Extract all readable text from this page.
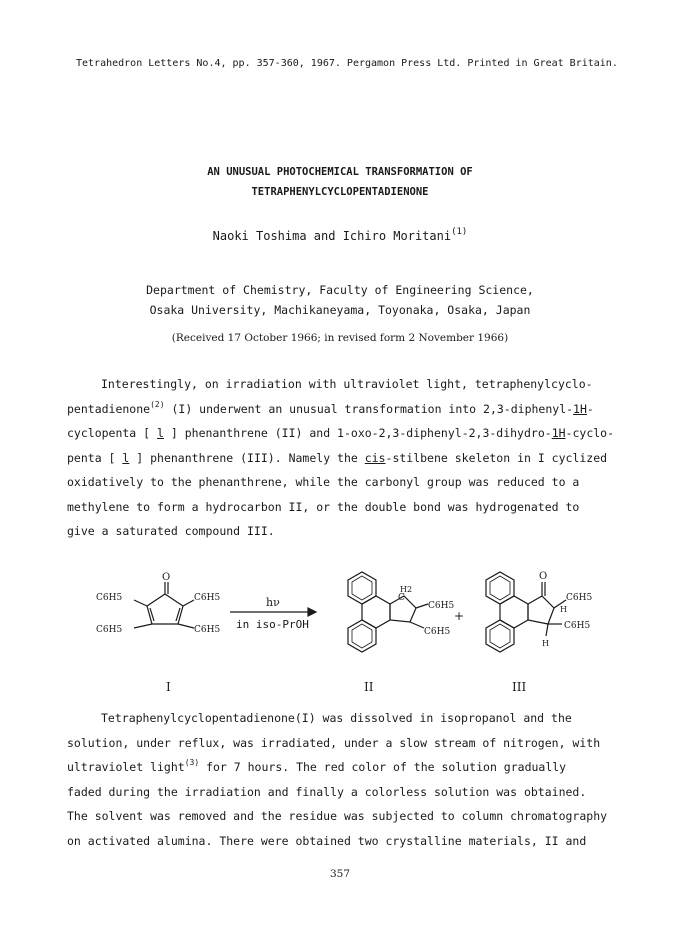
Tetrahedron Letters No.4, pp. 357-360, 1967. Pergamon Press Ltd. Printed in Great Britain.
AN UNUSUAL PHOTOCHEMICAL TRANSFORMATION OF
TETRAPHENYLCYCLOPENTADIENONE
Naoki Toshima and Ichiro Moritani$^{(1)}$
Department of Chemistry, Faculty of Engineering Science,
Osaka University, Machikaneyama, Toyonaka, Osaka, Japan
(Received 17 October 1966; in revised form 2 November 1966)
Interestingly, on irradiation with ultraviolet light, tetraphenylcyclo-
pentadienone$^{(2)}$ (I) underwent an unusual transformation into 2,3-diphenyl-1H-
cyclopenta [ l ] phenanthrene (II) and 1-oxo-2,3-diphenyl-2,3-dihydro-1H-cyclo-
penta [ l ] phenanthrene (III). Namely the cis-stilbene skeleton in I cyclized
oxidatively to the phenanthrene, while the carbonyl group was reduced to a
methylene to form a hydrocarbon II, or the double bond was hydrogenated to
give a saturated compound III.
O
C6H5	C6H5
C6H5	C6H5
hν
in iso-PrOH
H2
C
C6H5
C6H5
+
O
C6H5
H
C6H5
H
I	II	III
Tetraphenylcyclopentadienone(I) was dissolved in isopropanol and the
solution, under reflux, was irradiated, under a slow stream of nitrogen, with
ultraviolet light$^{(3)}$ for 7 hours. The red color of the solution gradually
faded during the irradiation and finally a colorless solution was obtained.
The solvent was removed and the residue was subjected to column chromatography
on activated alumina. There were obtained two crystalline materials, II and
357
